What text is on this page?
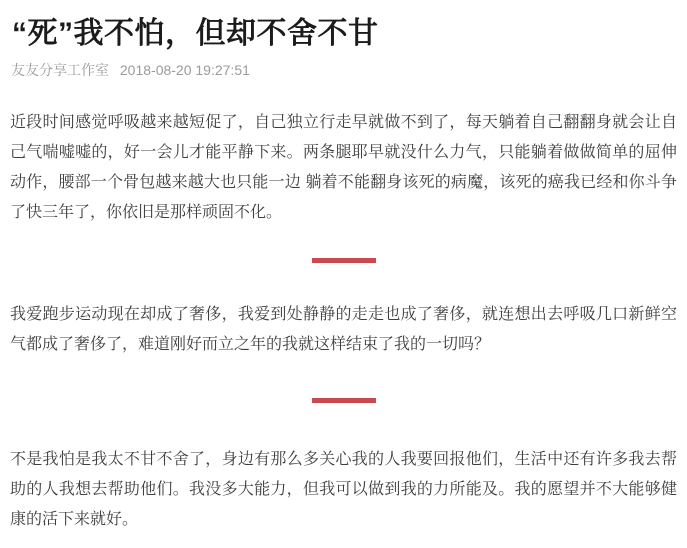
“死”我不怕，但却不舍不甘
友友分享工作室 2018-08-20 19:27:51

近段时间感觉呼吸越来越短促了，自己独立行走早就做不到了，每天躺着自己翻翻身就会让自己气喘嘘嘘的，好一会儿才能平静下来。两条腿耶早就没什么力气，只能躺着做做简单的屈伸动作，腰部一个骨包越来越大也只能一边 躺着不能翻身该死的病魔，该死的癌我已经和你斗争了快三年了，你依旧是那样顽固不化。

我爱跑步运动现在却成了奢侈，我爱到处静静的走走也成了奢侈，就连想出去呼吸几口新鲜空气都成了奢侈了，难道刚好而立之年的我就这样结束了我的一切吗？

不是我怕是我太不甘不舍了，身边有那么多关心我的人我要回报他们，生活中还有许多我去帮助的人我想去帮助他们。我没多大能力，但我可以做到我的力所能及。我的愿望并不大能够健康的活下来就好。
